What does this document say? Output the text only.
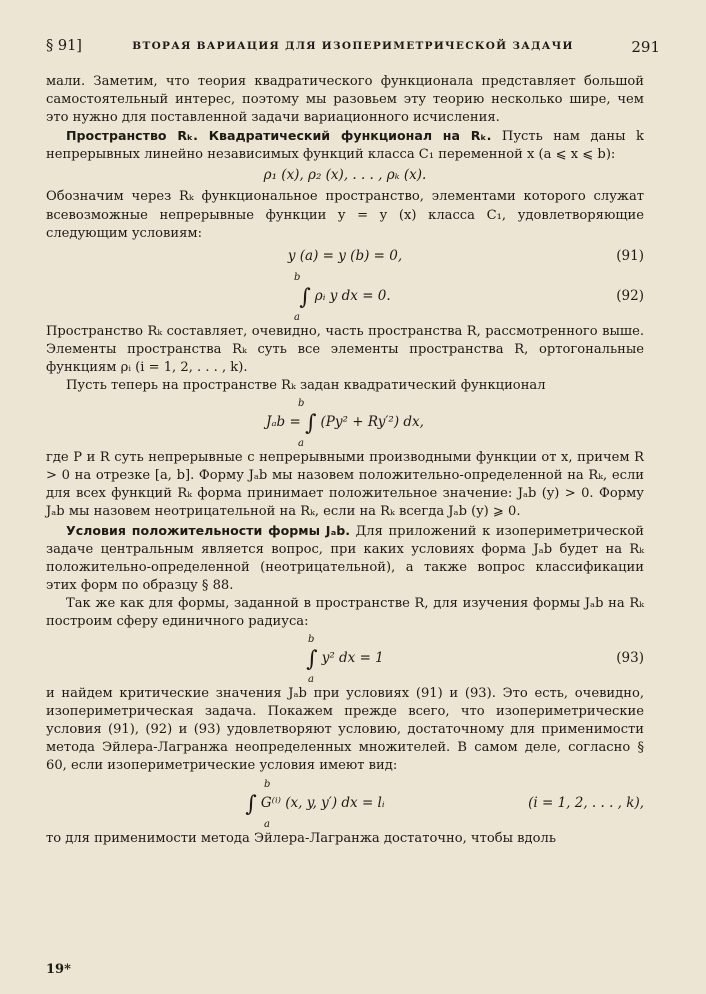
§ 91]	ВТОРАЯ ВАРИАЦИЯ ДЛЯ ИЗОПЕРИМЕТРИЧЕСКОЙ ЗАДАЧИ	291

мали. Заметим, что теория квадратического функционала представляет большой самостоятельный интерес, поэтому мы разовьем эту теорию несколько шире, чем это нужно для поставленной задачи вариационного исчисления.

Пространство Rₖ. Квадратический функционал на Rₖ. Пусть нам даны k непрерывных линейно независимых функций класса C₁ переменной x (a ⩽ x ⩽ b):

ρ₁ (x), ρ₂ (x), . . . , ρₖ (x).

Обозначим через Rₖ функциональное пространство, элементами которого служат всевозможные непрерывные функции y = y (x) класса C₁, удовлетворяющие следующим условиям:

y (a) = y (b) = 0,	(91)
b
∫ ρᵢ y dx = 0.
a
(92)

Пространство Rₖ составляет, очевидно, часть пространства R, рассмотренного выше. Элементы пространства Rₖ суть все элементы пространства R, ортогональные функциям ρᵢ (i = 1, 2, . . . , k).

Пусть теперь на пространстве Rₖ задан квадратический функционал

b
Jₐb = ∫ (Py² + Ry′²) dx,
a

где P и R суть непрерывные с непрерывными производными функции от x, причем R > 0 на отрезке [a, b]. Форму Jₐb мы назовем положительно-определенной на Rₖ, если для всех функций Rₖ форма принимает положительное значение: Jₐb (y) > 0. Форму Jₐb мы назовем неотрицательной на Rₖ, если на Rₖ всегда Jₐb (y) ⩾ 0.

Условия положительности формы Jₐb. Для приложений к изопериметрической задаче центральным является вопрос, при каких условиях форма Jₐb будет на Rₖ положительно-определенной (неотрицательной), а также вопрос классификации этих форм по образцу § 88.

Так же как для формы, заданной в пространстве R, для изучения формы Jₐb на Rₖ построим сферу единичного радиуса:

b
∫ y² dx = 1
a
(93)

и найдем критические значения Jₐb при условиях (91) и (93). Это есть, очевидно, изопериметрическая задача. Покажем прежде всего, что изопериметрические условия (91), (92) и (93) удовлетворяют условию, достаточному для применимости метода Эйлера-Лагранжа неопределенных множителей. В самом деле, согласно § 60, если изопериметрические условия имеют вид:

b
∫ G⁽ⁱ⁾ (x, y, y′) dx = lᵢ
a
(i = 1, 2, . . . , k),

то для применимости метода Эйлера-Лагранжа достаточно, чтобы вдоль

19*
